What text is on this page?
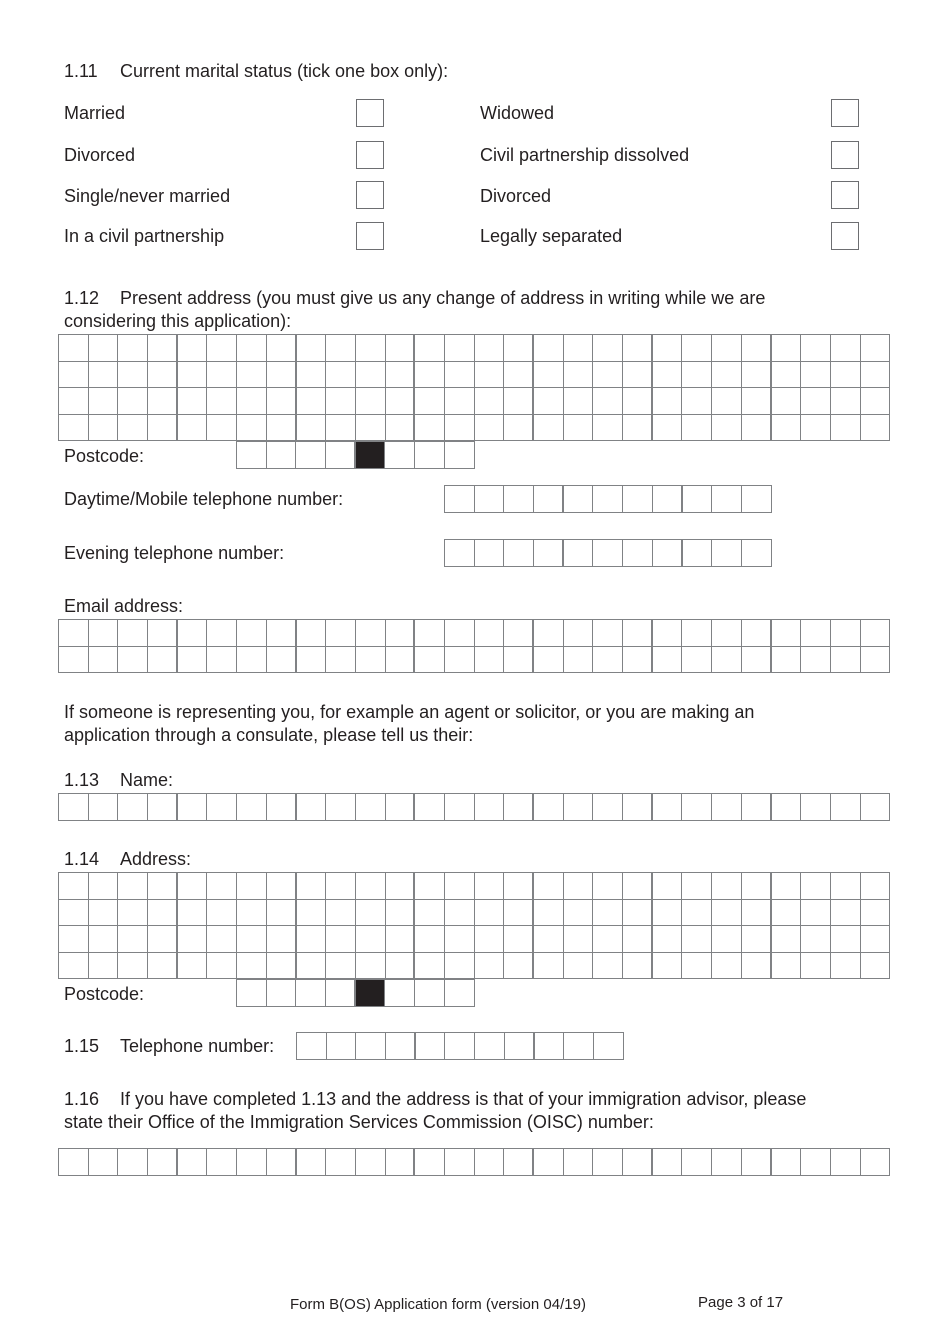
1.11 Current marital status (tick one box only):
Married	Widowed
Divorced	Civil partnership dissolved
Single/never married	Divorced
In a civil partnership	Legally separated
1.12 Present address (you must give us any change of address in writing while we are
considering this application):
Postcode:
Daytime/Mobile telephone number:
Evening telephone number:
Email address:
If someone is representing you, for example an agent or solicitor, or you are making an
application through a consulate, please tell us their:
1.13 Name:
1.14 Address:
Postcode:
1.15 Telephone number:
1.16 If you have completed 1.13 and the address is that of your immigration advisor, please
state their Office of the Immigration Services Commission (OISC) number:
Form B(OS) Application form (version 04/19)	Page 3 of 17
